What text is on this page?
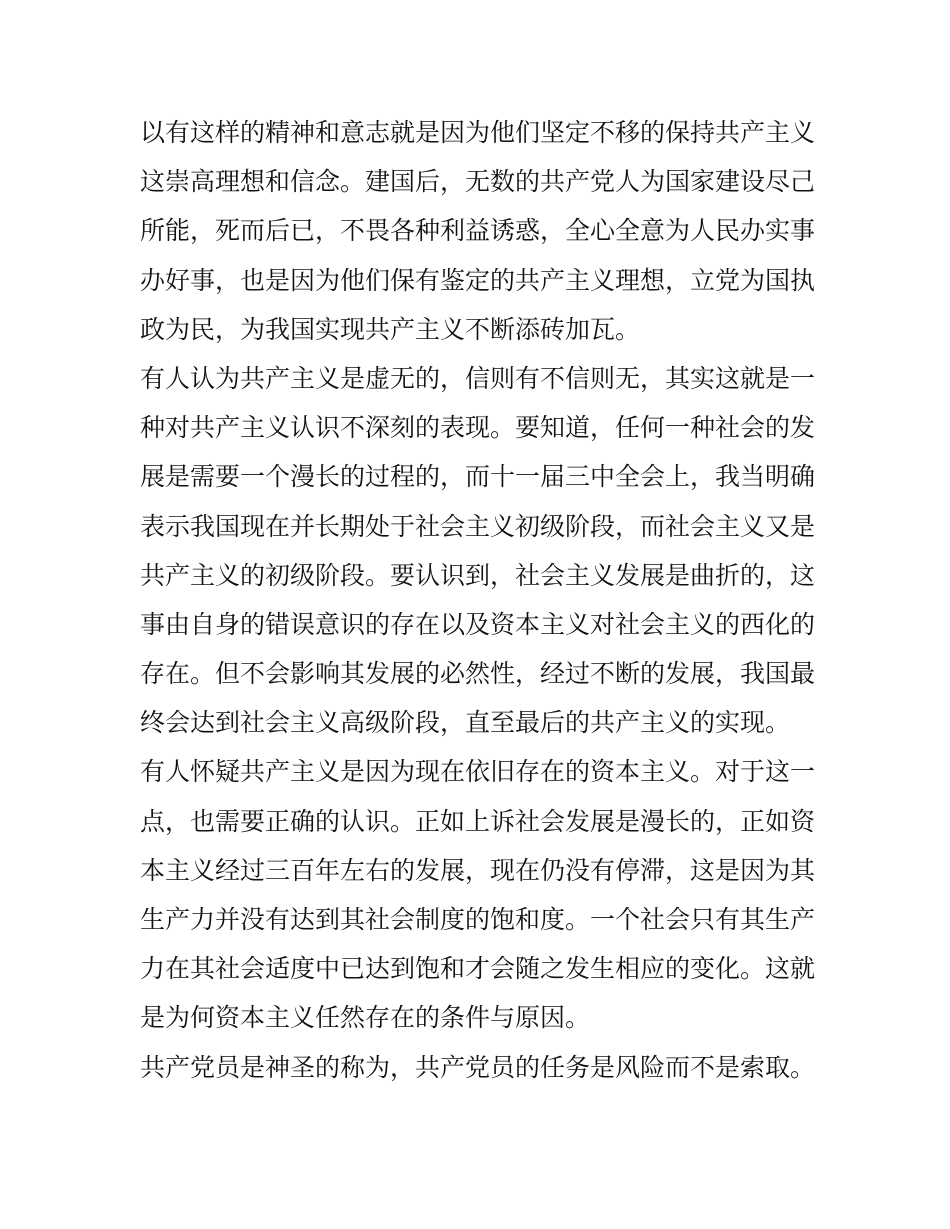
以有这样的精神和意志就是因为他们坚定不移的保持共产主义
这崇高理想和信念。建国后，无数的共产党人为国家建设尽己
所能，死而后已，不畏各种利益诱惑，全心全意为人民办实事
办好事，也是因为他们保有鉴定的共产主义理想，立党为国执
政为民，为我国实现共产主义不断添砖加瓦。
有人认为共产主义是虚无的，信则有不信则无，其实这就是一
种对共产主义认识不深刻的表现。要知道，任何一种社会的发
展是需要一个漫长的过程的，而十一届三中全会上，我当明确
表示我国现在并长期处于社会主义初级阶段，而社会主义又是
共产主义的初级阶段。要认识到，社会主义发展是曲折的，这
事由自身的错误意识的存在以及资本主义对社会主义的西化的
存在。但不会影响其发展的必然性，经过不断的发展，我国最
终会达到社会主义高级阶段，直至最后的共产主义的实现。
有人怀疑共产主义是因为现在依旧存在的资本主义。对于这一
点，也需要正确的认识。正如上诉社会发展是漫长的，正如资
本主义经过三百年左右的发展，现在仍没有停滞，这是因为其
生产力并没有达到其社会制度的饱和度。一个社会只有其生产
力在其社会适度中已达到饱和才会随之发生相应的变化。这就
是为何资本主义任然存在的条件与原因。
共产党员是神圣的称为，共产党员的任务是风险而不是索取。
